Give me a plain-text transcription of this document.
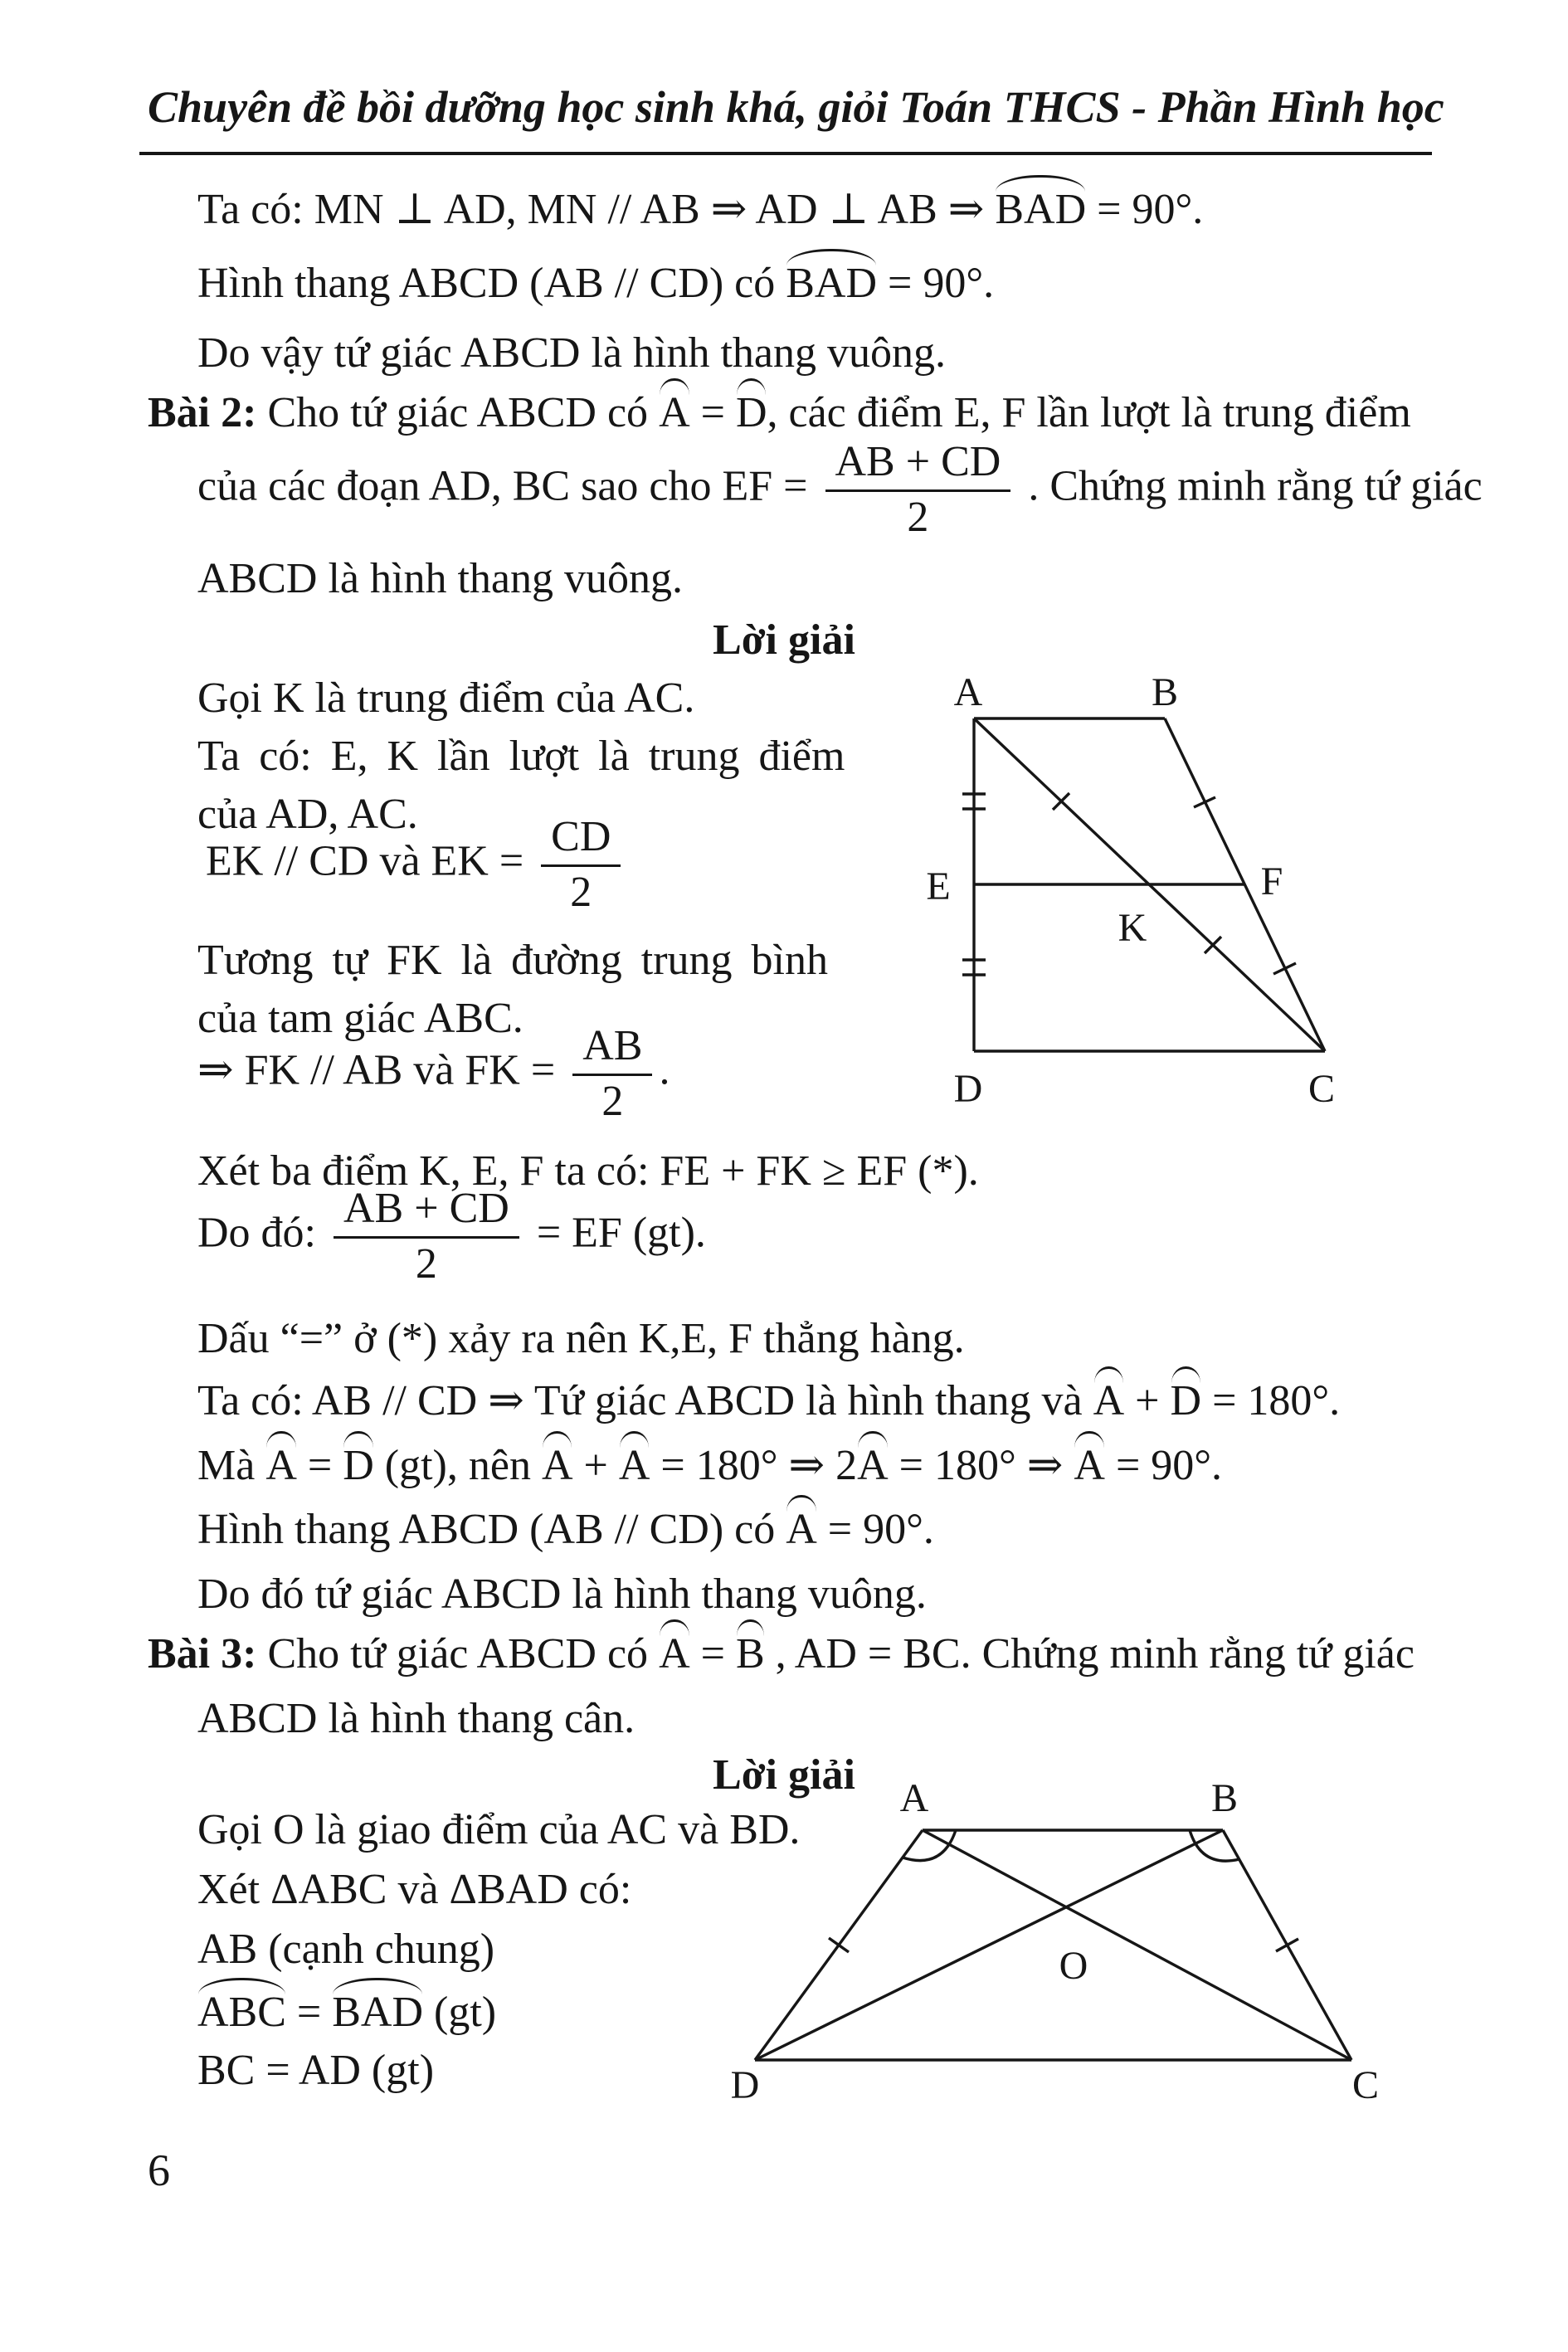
Chuyên đề bồi dưỡng học sinh khá, giỏi Toán THCS - Phần Hình học
Ta có: MN ⊥ AD, MN // AB ⇒ AD ⊥ AB ⇒ BAD = 90°.
Hình thang ABCD (AB // CD) có BAD = 90°.
Do vậy tứ giác ABCD là hình thang vuông.
Bài 2: Cho tứ giác ABCD có A = D, các điểm E, F lần lượt là trung điểm
của các đoạn AD, BC sao cho EF = $\frac{AB + CD}{2}$ . Chứng minh rằng tứ giác
ABCD là hình thang vuông.
Lời giải
Gọi K là trung điểm của AC.
Ta có: E, K lần lượt là trung điểm
của AD, AC.
EK // CD và EK = $\frac{CD}{2}$
Tương tự FK là đường trung bình
của tam giác ABC.
⇒ FK // AB và FK = $\frac{AB}{2}$ .
A	B
E	F
K
D	C
Xét ba điểm K, E, F ta có: FE + FK ≥ EF (*).
Do đó: $\frac{AB + CD}{2}$ = EF (gt).
Dấu “=” ở (*) xảy ra nên K,E, F thẳng hàng.
Ta có: AB // CD ⇒ Tứ giác ABCD là hình thang và A + D = 180°.
Mà A = D (gt), nên A + A = 180° ⇒ 2A = 180° ⇒ A = 90°.
Hình thang ABCD (AB // CD) có A = 90°.
Do đó tứ giác ABCD là hình thang vuông.
Bài 3: Cho tứ giác ABCD có A = B , AD = BC. Chứng minh rằng tứ giác
ABCD là hình thang cân.
Lời giải
Gọi O là giao điểm của AC và BD.
Xét ΔABC và ΔBAD có:
AB (cạnh chung)
ABC = BAD (gt)
BC = AD (gt)
A	B
D	C
O
6
